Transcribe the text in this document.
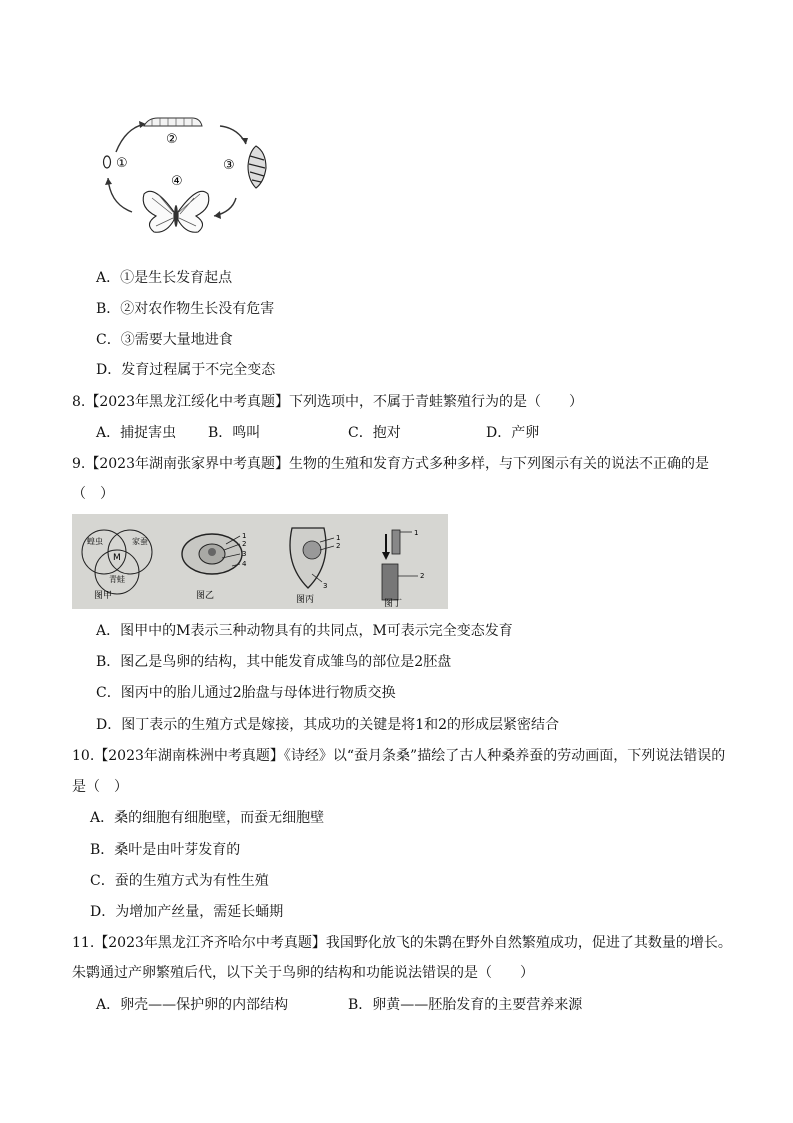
①
②
③
④
A．①是生长发育起点
B．②对农作物生长没有危害
C．③需要大量地进食
D．发育过程属于不完全变态
8.【2023年黑龙江绥化中考真题】下列选项中，不属于青蛙繁殖行为的是（　　）
A．捕捉害虫 B．鸣叫	C．抱对	D．产卵
9.【2023年湖南张家界中考真题】生物的生殖和发育方式多种多样，与下列图示有关的说法不正确的是
（　）
蝗虫	家蚕
M
青蛙
1
2
3
4
1
2
3
1
2
图甲	图乙	图丙	图丁
A．图甲中的M表示三种动物具有的共同点，M可表示完全变态发育
B．图乙是鸟卵的结构，其中能发育成雏鸟的部位是2胚盘
C．图丙中的胎儿通过2胎盘与母体进行物质交换
D．图丁表示的生殖方式是嫁接，其成功的关键是将1和2的形成层紧密结合
10.【2023年湖南株洲中考真题】《诗经》以“蚕月条桑”描绘了古人种桑养蚕的劳动画面，下列说法错误的
是（　）
A．桑的细胞有细胞壁，而蚕无细胞壁
B．桑叶是由叶芽发育的
C．蚕的生殖方式为有性生殖
D．为增加产丝量，需延长蛹期
11.【2023年黑龙江齐齐哈尔中考真题】我国野化放飞的朱鹮在野外自然繁殖成功，促进了其数量的增长。
朱鹮通过产卵繁殖后代，以下关于鸟卵的结构和功能说法错误的是（　　）
A．卵壳——保护卵的内部结构	B．卵黄——胚胎发育的主要营养来源
